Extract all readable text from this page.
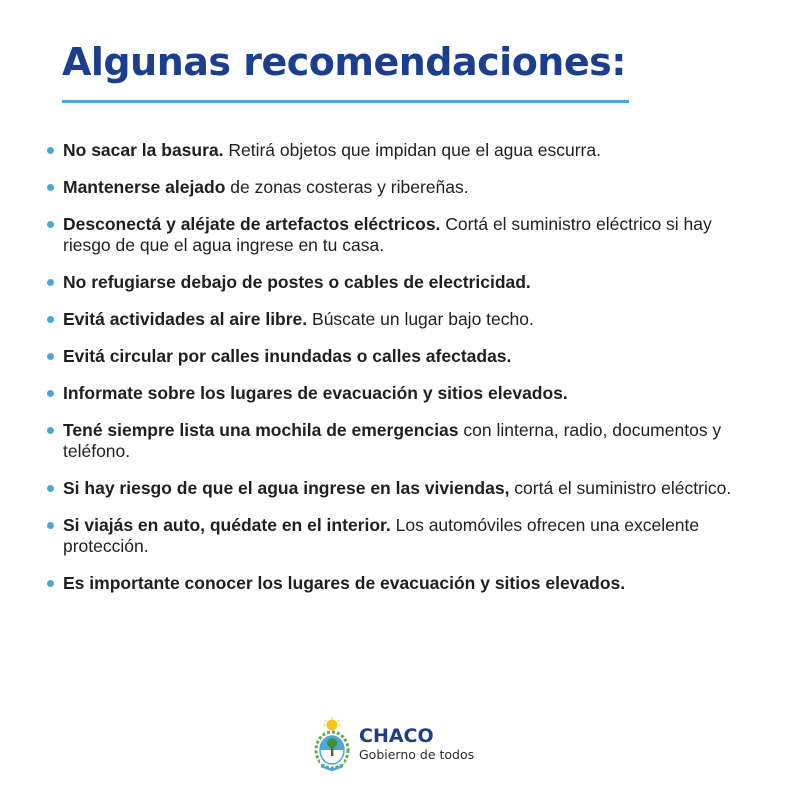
Algunas recomendaciones:
No sacar la basura. Retirá objetos que impidan que el agua escurra.
Mantenerse alejado de zonas costeras y ribereñas.
Desconectá y aléjate de artefactos eléctricos. Cortá el suministro eléctrico si hay riesgo de que el agua ingrese en tu casa.
No refugiarse debajo de postes o cables de electricidad.
Evitá actividades al aire libre. Búscate un lugar bajo techo.
Evitá circular por calles inundadas o calles afectadas.
Informate sobre los lugares de evacuación y sitios elevados.
Tené siempre lista una mochila de emergencias con linterna, radio, documentos y teléfono.
Si hay riesgo de que el agua ingrese en las viviendas, cortá el suministro eléctrico.
Si viajás en auto, quédate en el interior. Los automóviles ofrecen una excelente protección.
Es importante conocer los lugares de evacuación y sitios elevados.
CHACO
Gobierno de todos
